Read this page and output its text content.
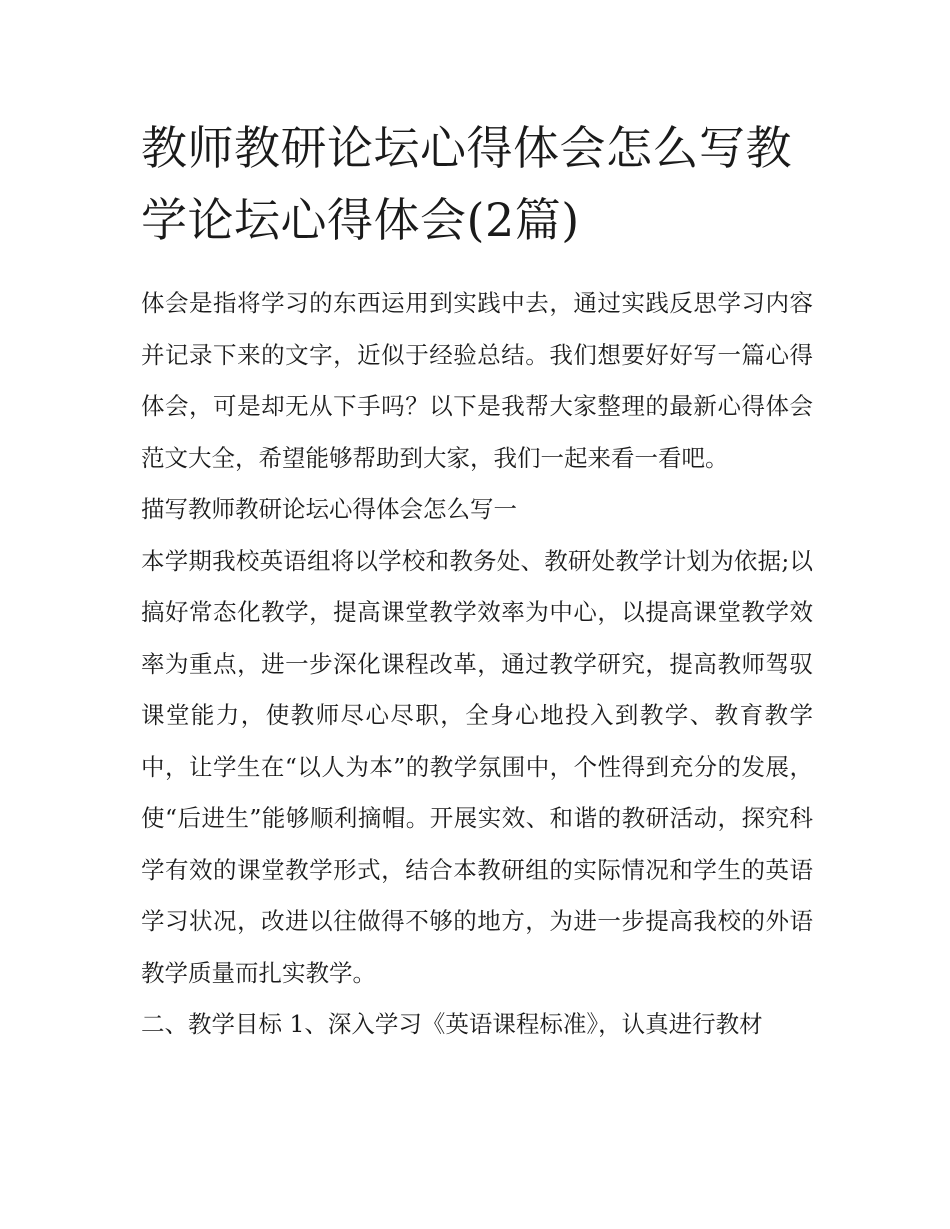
教师教研论坛心得体会怎么写教学论坛心得体会(2篇)

体会是指将学习的东西运用到实践中去，通过实践反思学习内容并记录下来的文字，近似于经验总结。我们想要好好写一篇心得体会，可是却无从下手吗？以下是我帮大家整理的最新心得体会范文大全，希望能够帮助到大家，我们一起来看一看吧。

描写教师教研论坛心得体会怎么写一

本学期我校英语组将以学校和教务处、教研处教学计划为依据;以搞好常态化教学，提高课堂教学效率为中心，以提高课堂教学效率为重点，进一步深化课程改革，通过教学研究，提高教师驾驭课堂能力，使教师尽心尽职，全身心地投入到教学、教育教学中，让学生在“以人为本”的教学氛围中，个性得到充分的发展，使“后进生”能够顺利摘帽。开展实效、和谐的教研活动，探究科学有效的课堂教学形式，结合本教研组的实际情况和学生的英语学习状况，改进以往做得不够的地方，为进一步提高我校的外语教学质量而扎实教学。

二、教学目标 1、深入学习《英语课程标准》，认真进行教材
